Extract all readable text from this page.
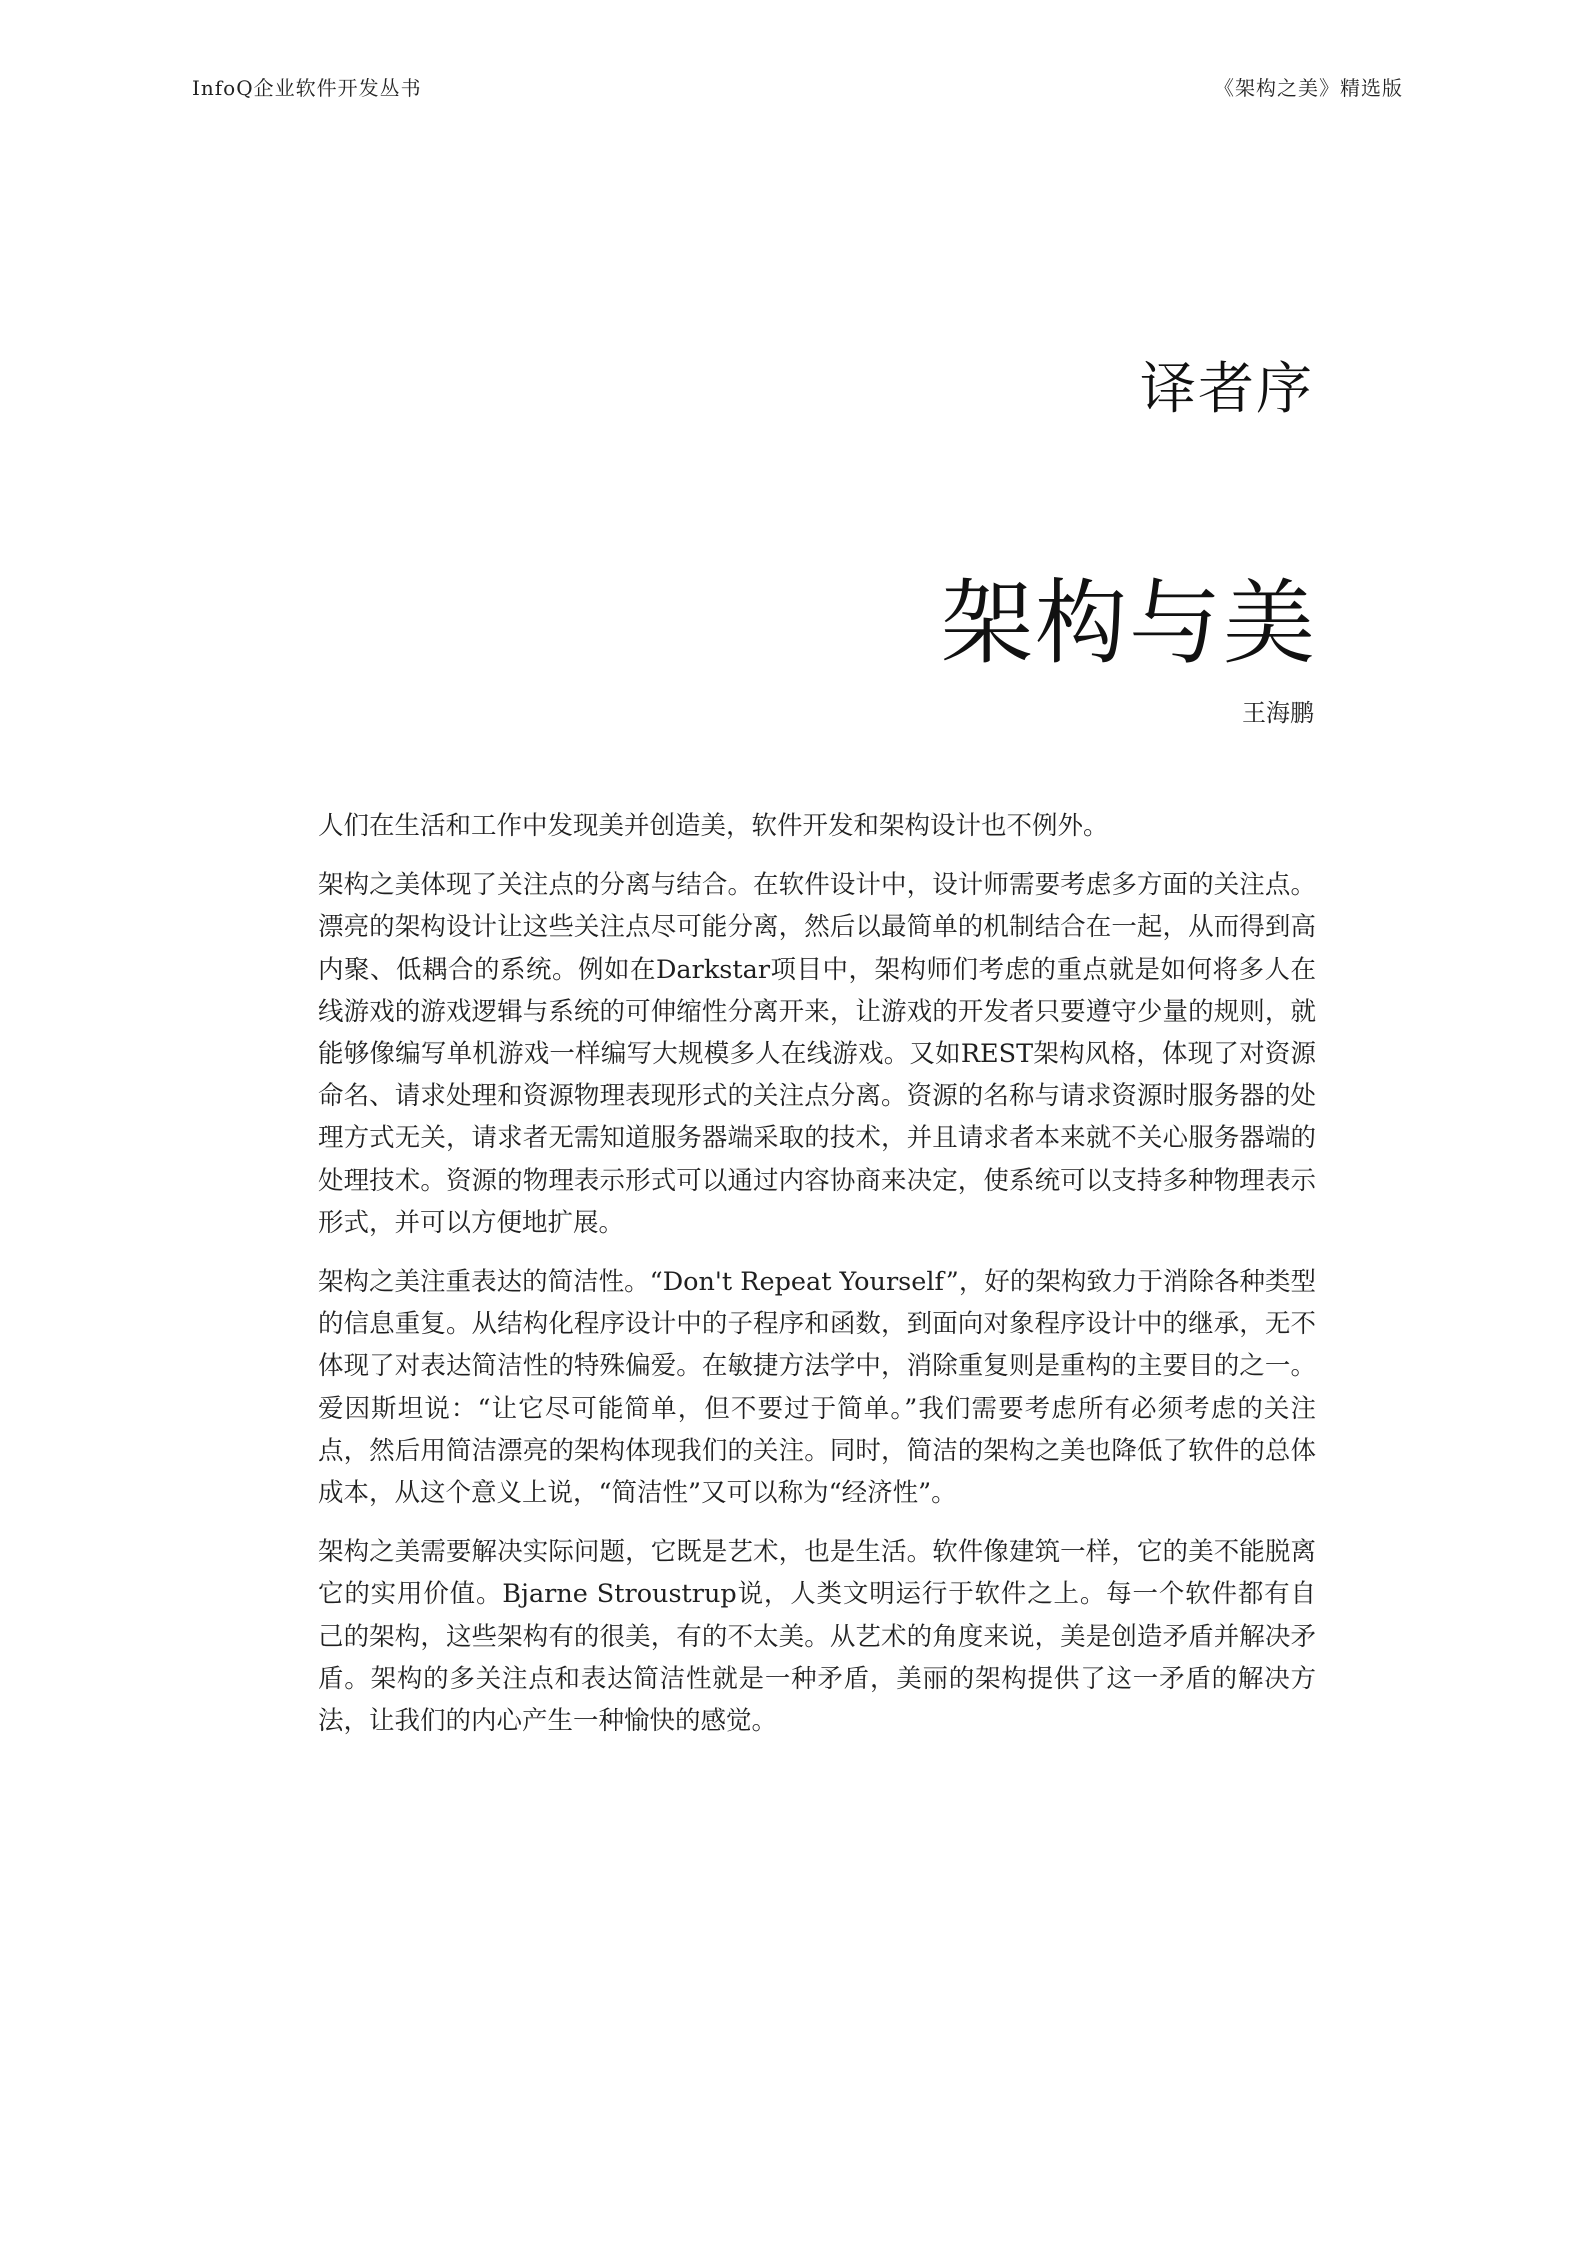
InfoQ企业软件开发丛书	《架构之美》精选版
译者序
架构与美
王海鹏

人们在生活和工作中发现美并创造美，软件开发和架构设计也不例外。

架构之美体现了关注点的分离与结合。在软件设计中，设计师需要考虑多方面的关注点。漂亮的架构设计让这些关注点尽可能分离，然后以最简单的机制结合在一起，从而得到高内聚、低耦合的系统。例如在Darkstar项目中，架构师们考虑的重点就是如何将多人在线游戏的游戏逻辑与系统的可伸缩性分离开来，让游戏的开发者只要遵守少量的规则，就能够像编写单机游戏一样编写大规模多人在线游戏。又如REST架构风格，体现了对资源命名、请求处理和资源物理表现形式的关注点分离。资源的名称与请求资源时服务器的处理方式无关，请求者无需知道服务器端采取的技术，并且请求者本来就不关心服务器端的处理技术。资源的物理表示形式可以通过内容协商来决定，使系统可以支持多种物理表示形式，并可以方便地扩展。

架构之美注重表达的简洁性。“Don't Repeat Yourself”，好的架构致力于消除各种类型的信息重复。从结构化程序设计中的子程序和函数，到面向对象程序设计中的继承，无不体现了对表达简洁性的特殊偏爱。在敏捷方法学中，消除重复则是重构的主要目的之一。爱因斯坦说：“让它尽可能简单，但不要过于简单。”我们需要考虑所有必须考虑的关注点，然后用简洁漂亮的架构体现我们的关注。同时，简洁的架构之美也降低了软件的总体成本，从这个意义上说，“简洁性”又可以称为“经济性”。

架构之美需要解决实际问题，它既是艺术，也是生活。软件像建筑一样，它的美不能脱离它的实用价值。Bjarne Stroustrup说，人类文明运行于软件之上。每一个软件都有自己的架构，这些架构有的很美，有的不太美。从艺术的角度来说，美是创造矛盾并解决矛盾。架构的多关注点和表达简洁性就是一种矛盾，美丽的架构提供了这一矛盾的解决方法，让我们的内心产生一种愉快的感觉。
